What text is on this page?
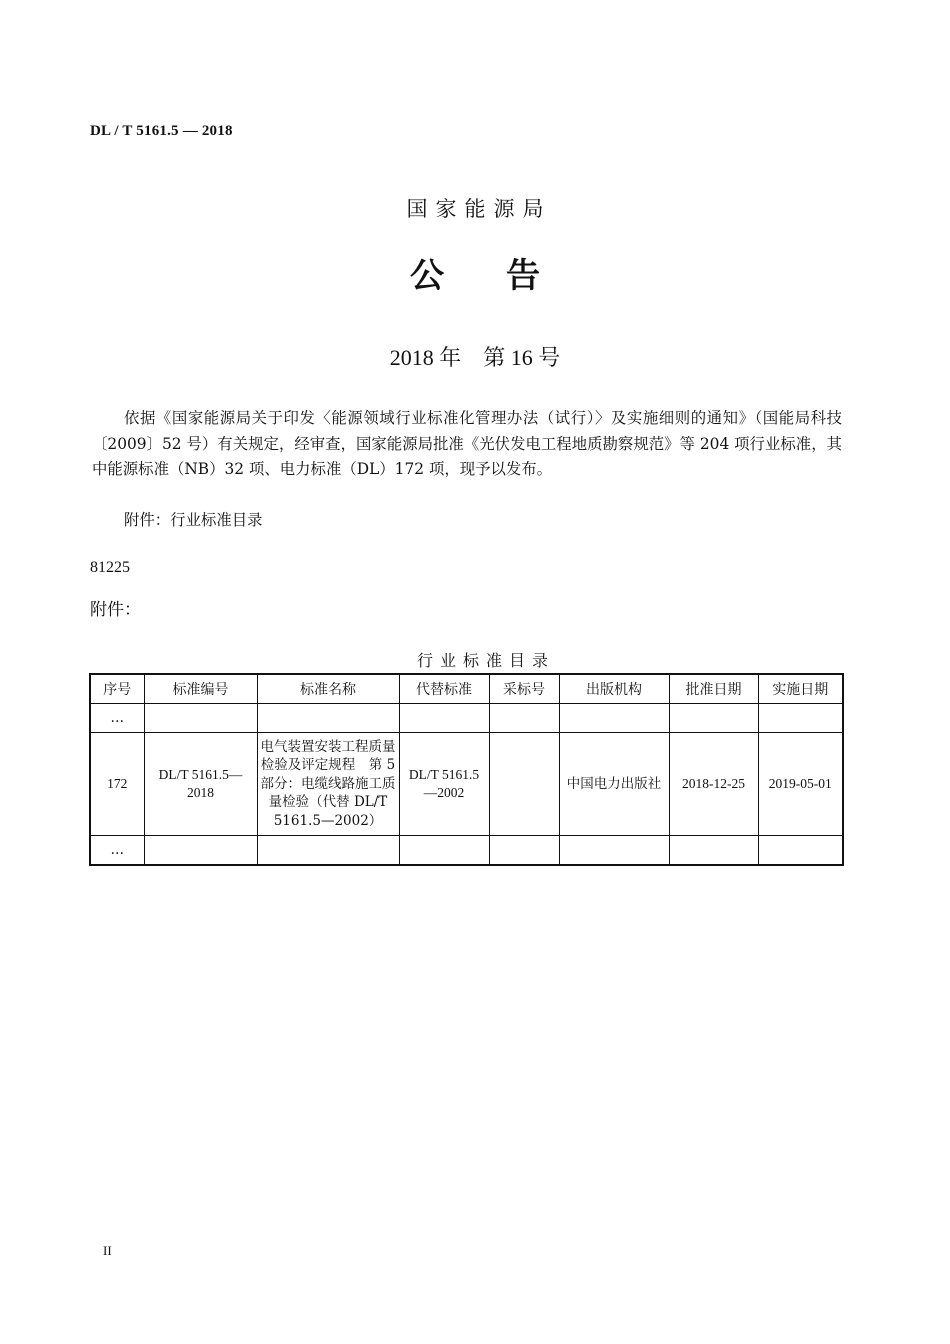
DL / T 5161.5 — 2018
国家能源局
公告
2018 年　第 16 号
依据《国家能源局关于印发〈能源领域行业标准化管理办法（试行）〉及实施细则的通知》（国能局科技〔2009〕52 号）有关规定，经审查，国家能源局批准《光伏发电工程地质勘察规范》等 204 项行业标准，其中能源标准（NB）32 项、电力标准（DL）172 项，现予以发布。
附件：行业标准目录
81225
附件：
行业标准目录
序号	标准编号	标准名称	代替标准	采标号	出版机构	批准日期	实施日期
…							
172	DL/T 5161.5—2018	电气装置安装工程质量检验及评定规程　第 5 部分：电缆线路施工质量检验（代替 DL/T 5161.5—2002）	DL/T 5161.5—2002		中国电力出版社	2018-12-25	2019-05-01
…							
II
